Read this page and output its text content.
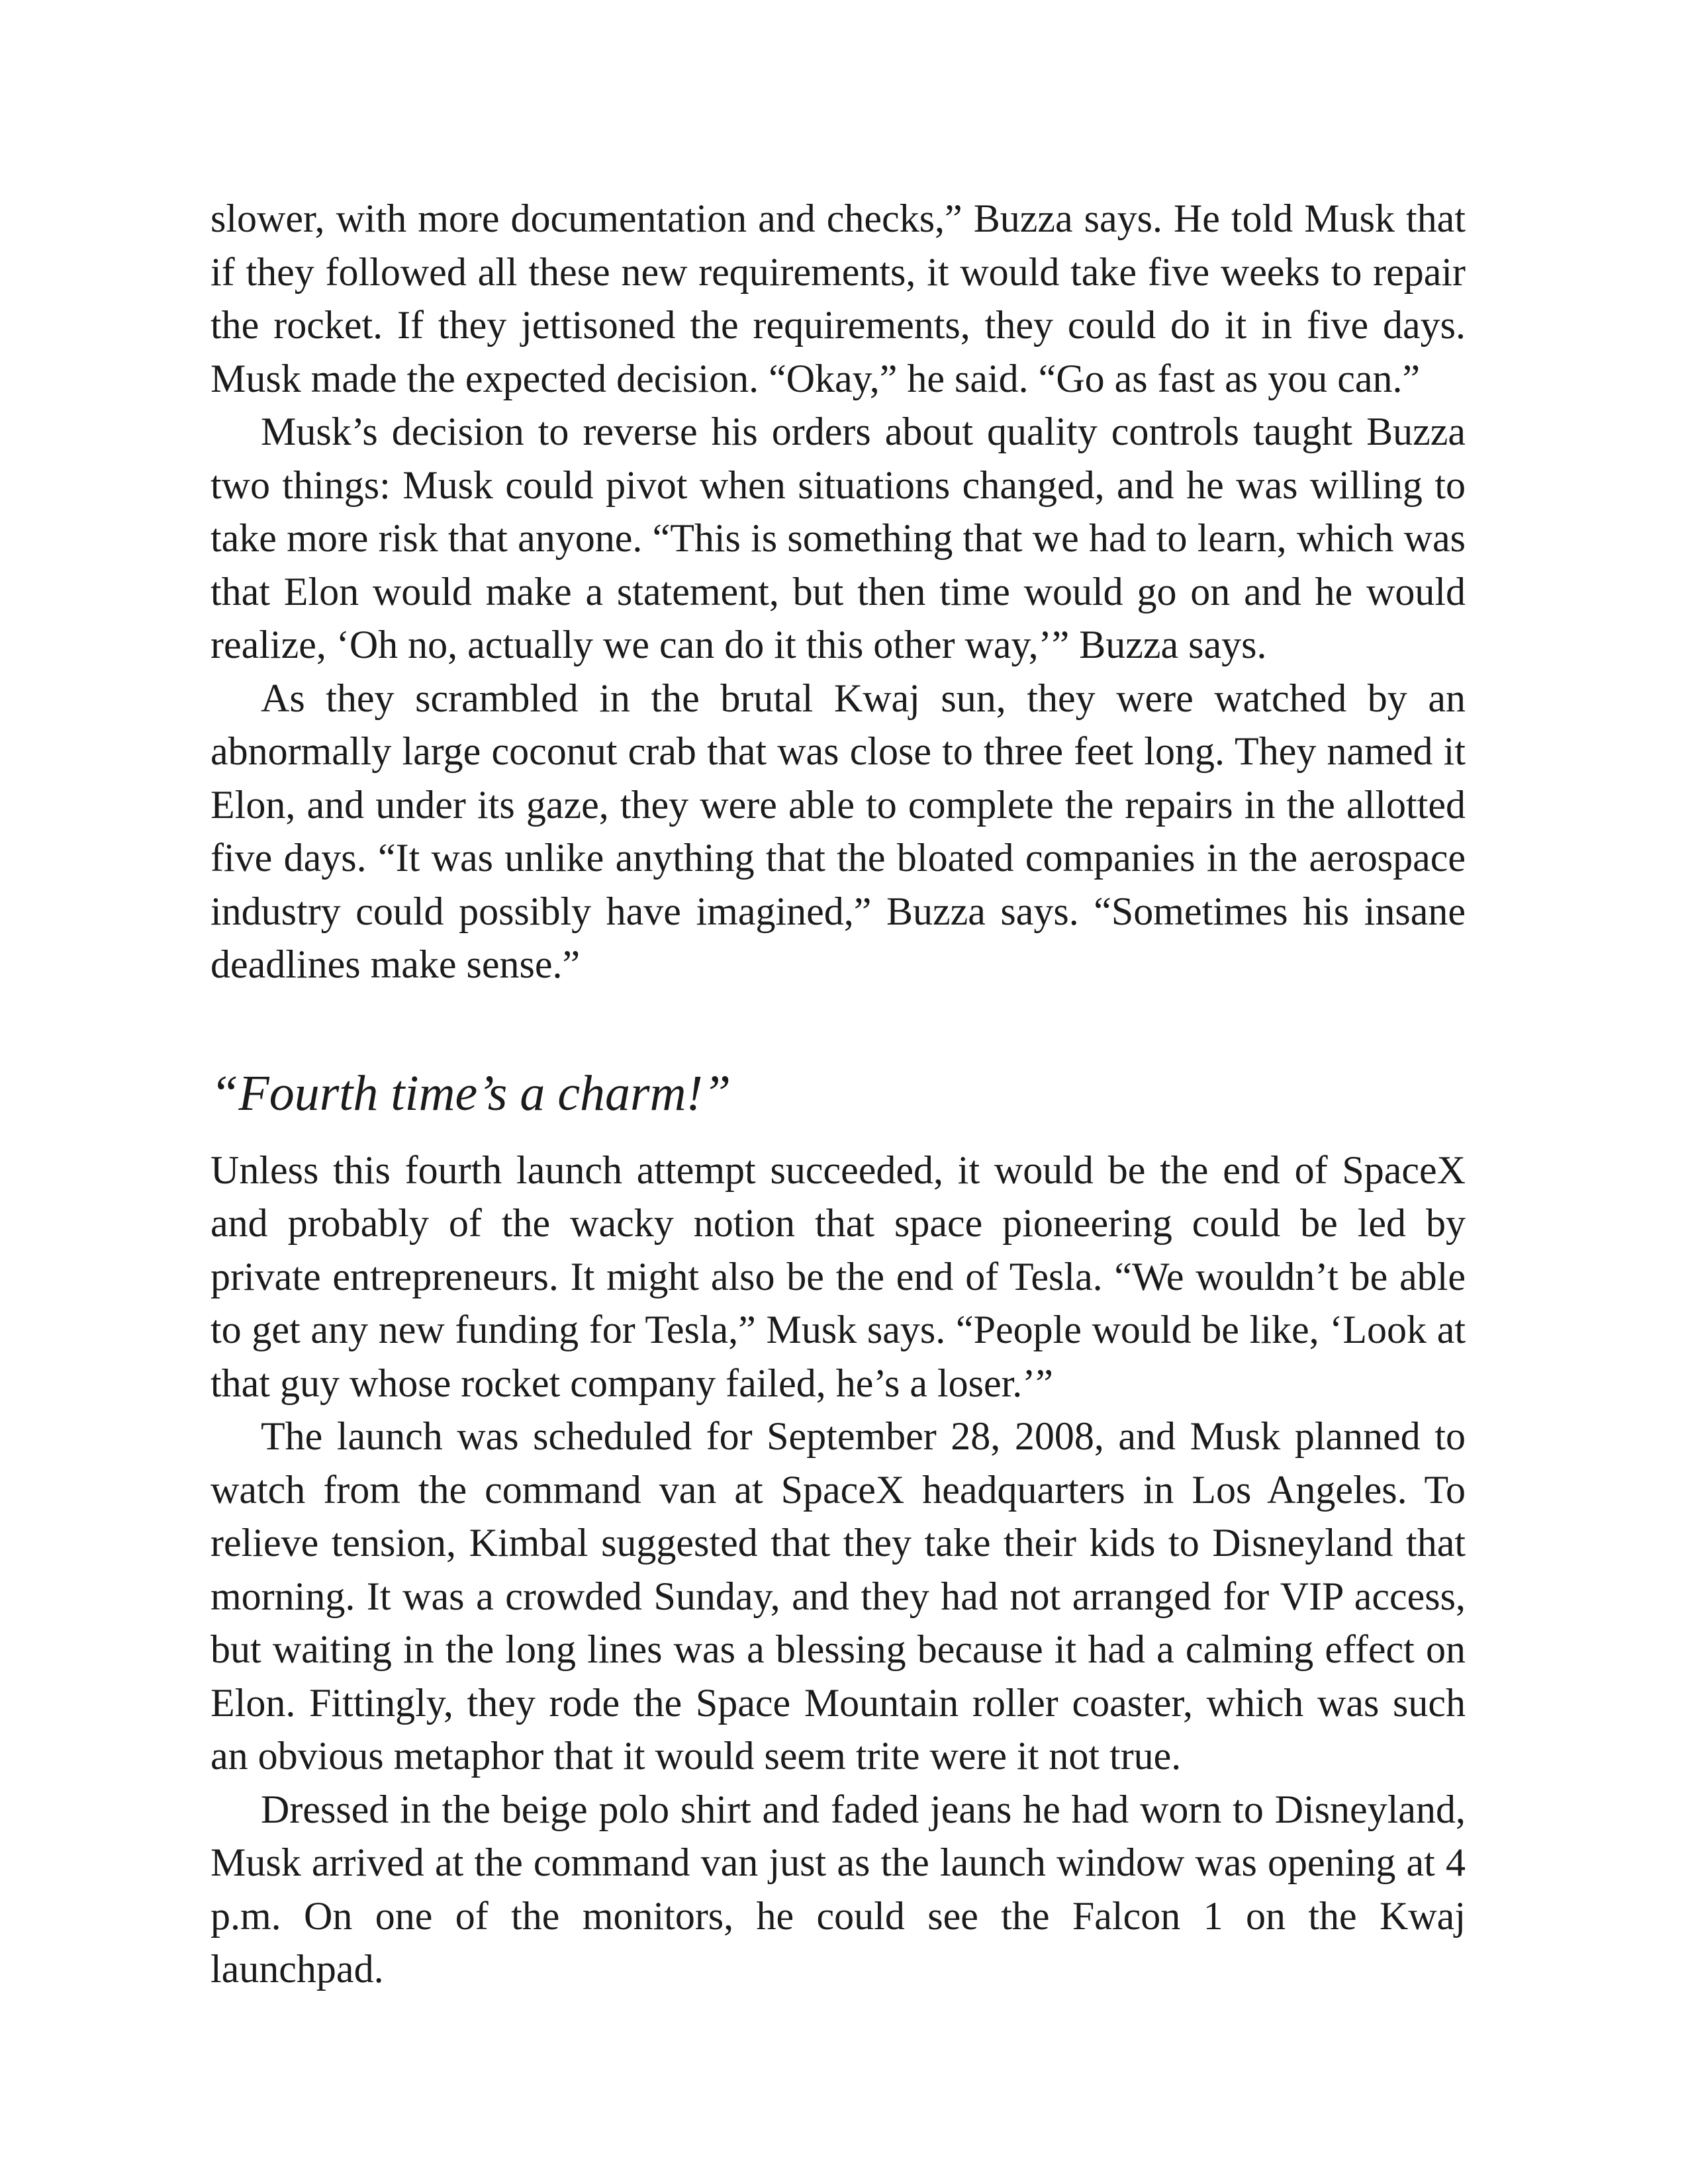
slower, with more documentation and checks,” Buzza says. He told Musk that if they followed all these new requirements, it would take five weeks to repair the rocket. If they jettisoned the requirements, they could do it in five days. Musk made the expected decision. “Okay,” he said. “Go as fast as you can.”

Musk’s decision to reverse his orders about quality controls taught Buzza two things: Musk could pivot when situations changed, and he was willing to take more risk that anyone. “This is something that we had to learn, which was that Elon would make a statement, but then time would go on and he would realize, ‘Oh no, actually we can do it this other way,’” Buzza says.

As they scrambled in the brutal Kwaj sun, they were watched by an abnormally large coconut crab that was close to three feet long. They named it Elon, and under its gaze, they were able to complete the repairs in the allotted five days. “It was unlike anything that the bloated companies in the aerospace industry could possibly have imagined,” Buzza says. “Sometimes his insane deadlines make sense.”

“Fourth time’s a charm!”

Unless this fourth launch attempt succeeded, it would be the end of SpaceX and probably of the wacky notion that space pioneering could be led by private entrepreneurs. It might also be the end of Tesla. “We wouldn’t be able to get any new funding for Tesla,” Musk says. “People would be like, ‘Look at that guy whose rocket company failed, he’s a loser.’”

The launch was scheduled for September 28, 2008, and Musk planned to watch from the command van at SpaceX headquarters in Los Angeles. To relieve tension, Kimbal suggested that they take their kids to Disneyland that morning. It was a crowded Sunday, and they had not arranged for VIP access, but waiting in the long lines was a blessing because it had a calming effect on Elon. Fittingly, they rode the Space Mountain roller coaster, which was such an obvious metaphor that it would seem trite were it not true.

Dressed in the beige polo shirt and faded jeans he had worn to Disneyland, Musk arrived at the command van just as the launch window was opening at 4 p.m. On one of the monitors, he could see the Falcon 1 on the Kwaj launchpad.
